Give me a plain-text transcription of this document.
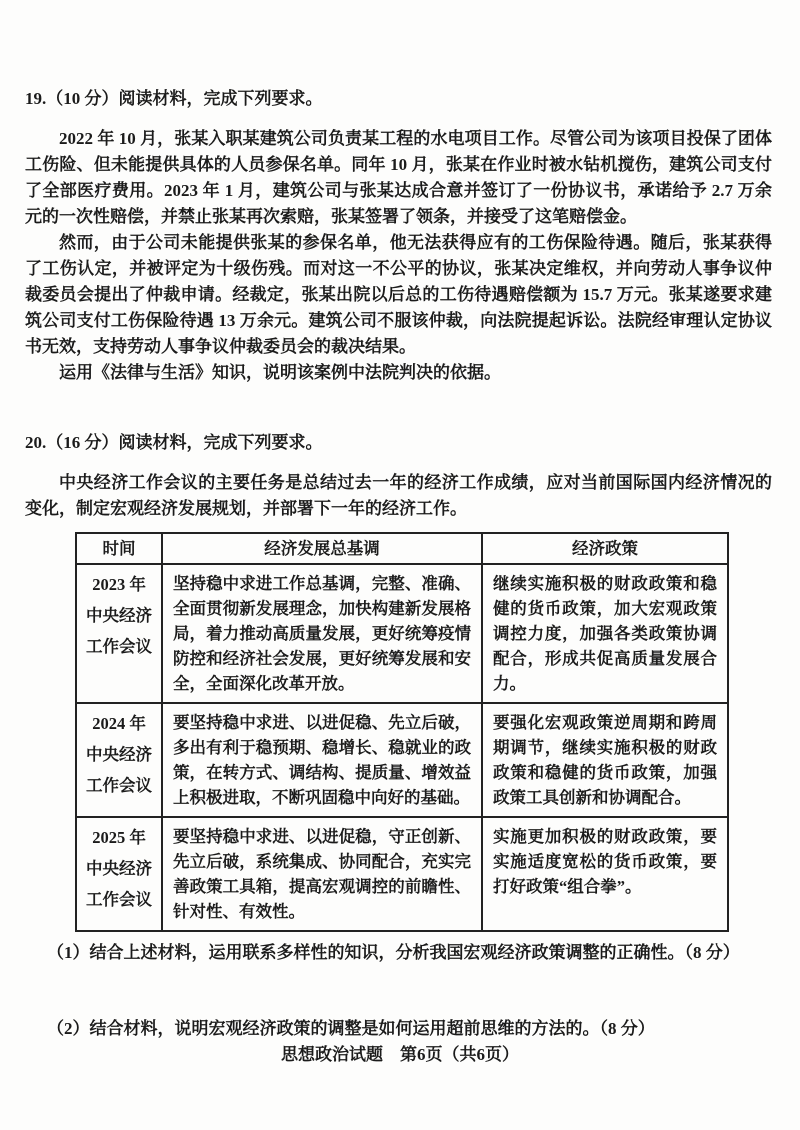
19.（10 分）阅读材料，完成下列要求。

2022 年 10 月，张某入职某建筑公司负责某工程的水电项目工作。尽管公司为该项目投保了团体工伤险、但未能提供具体的人员参保名单。同年 10 月，张某在作业时被水钻机搅伤，建筑公司支付了全部医疗费用。2023 年 1 月，建筑公司与张某达成合意并签订了一份协议书，承诺给予 2.7 万余元的一次性赔偿，并禁止张某再次索赔，张某签署了领条，并接受了这笔赔偿金。

然而，由于公司未能提供张某的参保名单，他无法获得应有的工伤保险待遇。随后，张某获得了工伤认定，并被评定为十级伤残。而对这一不公平的协议，张某决定维权，并向劳动人事争议仲裁委员会提出了仲裁申请。经裁定，张某出院以后总的工伤待遇赔偿额为 15.7 万元。张某遂要求建筑公司支付工伤保险待遇 13 万余元。建筑公司不服该仲裁，向法院提起诉讼。法院经审理认定协议书无效，支持劳动人事争议仲裁委员会的裁决结果。

运用《法律与生活》知识，说明该案例中法院判决的依据。

20.（16 分）阅读材料，完成下列要求。

中央经济工作会议的主要任务是总结过去一年的经济工作成绩，应对当前国际国内经济情况的变化，制定宏观经济发展规划，并部署下一年的经济工作。

时间	经济发展总基调	经济政策
2023 年中央经济工作会议	坚持稳中求进工作总基调，完整、准确、全面贯彻新发展理念，加快构建新发展格局，着力推动高质量发展，更好统筹疫情防控和经济社会发展，更好统筹发展和安全，全面深化改革开放。	继续实施积极的财政政策和稳健的货币政策，加大宏观政策调控力度，加强各类政策协调配合，形成共促高质量发展合力。
2024 年中央经济工作会议	要坚持稳中求进、以进促稳、先立后破，多出有利于稳预期、稳增长、稳就业的政策，在转方式、调结构、提质量、增效益上积极进取，不断巩固稳中向好的基础。	要强化宏观政策逆周期和跨周期调节，继续实施积极的财政政策和稳健的货币政策，加强政策工具创新和协调配合。
2025 年中央经济工作会议	要坚持稳中求进、以进促稳，守正创新、先立后破，系统集成、协同配合，充实完善政策工具箱，提高宏观调控的前瞻性、针对性、有效性。	实施更加积极的财政政策，要实施适度宽松的货币政策，要打好政策“组合拳”。

（1）结合上述材料，运用联系多样性的知识，分析我国宏观经济政策调整的正确性。（8 分）

（2）结合材料，说明宏观经济政策的调整是如何运用超前思维的方法的。（8 分）

思想政治试题　第6页（共6页）
